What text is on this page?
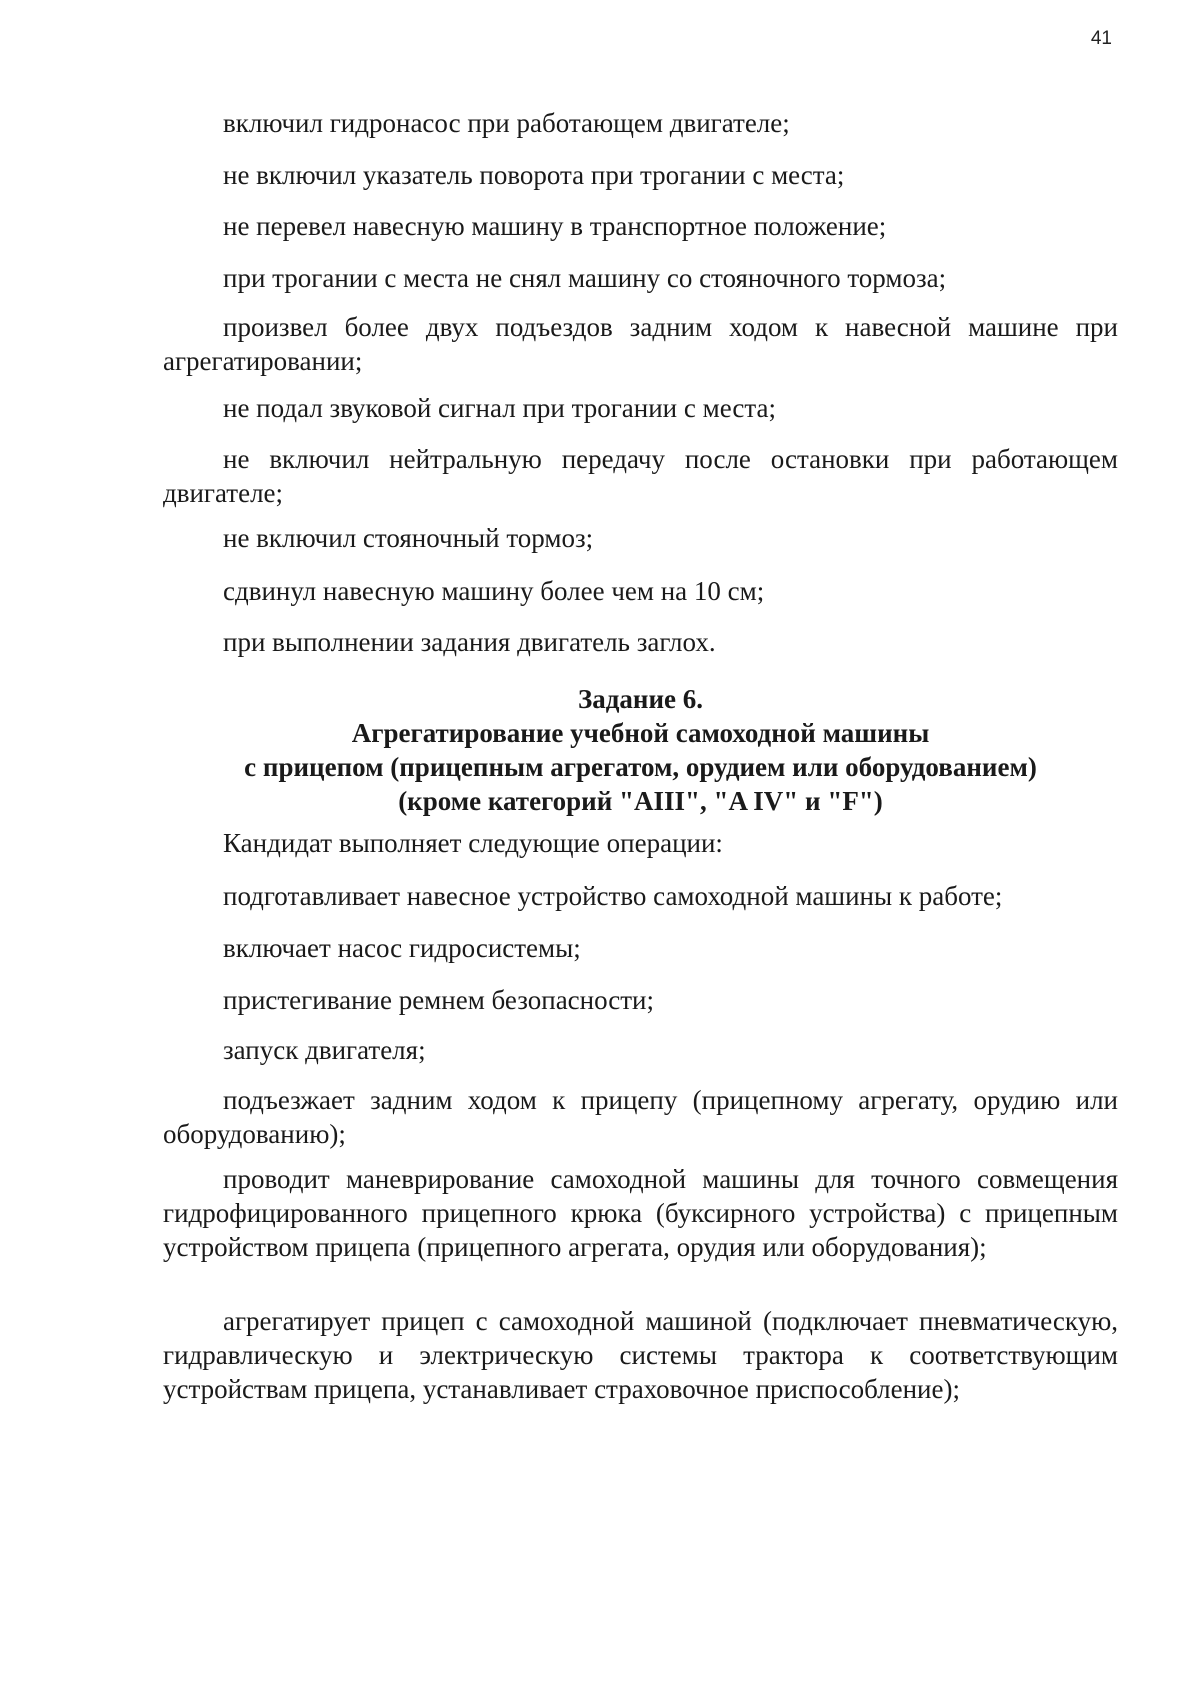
41

включил гидронасос при работающем двигателе;

не включил указатель поворота при трогании с места;

не перевел навесную машину в транспортное положение;

при трогании с места не снял машину со стояночного тормоза;

произвел более двух подъездов задним ходом к навесной машине при агрегатировании;

не подал звуковой сигнал при трогании с места;

не включил нейтральную передачу после остановки при работающем двигателе;

не включил стояночный тормоз;

сдвинул навесную машину более чем на 10 см;

при выполнении задания двигатель заглох.

Задание 6.
Агрегатирование учебной самоходной машины
с прицепом (прицепным агрегатом, орудием или оборудованием)
(кроме категорий "AIII", "A IV" и "F")

Кандидат выполняет следующие операции:

подготавливает навесное устройство самоходной машины к работе;

включает насос гидросистемы;

пристегивание ремнем безопасности;

запуск двигателя;

подъезжает задним ходом к прицепу (прицепному агрегату, орудию или оборудованию);

проводит маневрирование самоходной машины для точного совмещения гидрофицированного прицепного крюка (буксирного устройства) с прицепным устройством прицепа (прицепного агрегата, орудия или оборудования);

агрегатирует прицеп с самоходной машиной (подключает пневматическую, гидравлическую и электрическую системы трактора к соответствующим устройствам прицепа, устанавливает страховочное приспособление);
